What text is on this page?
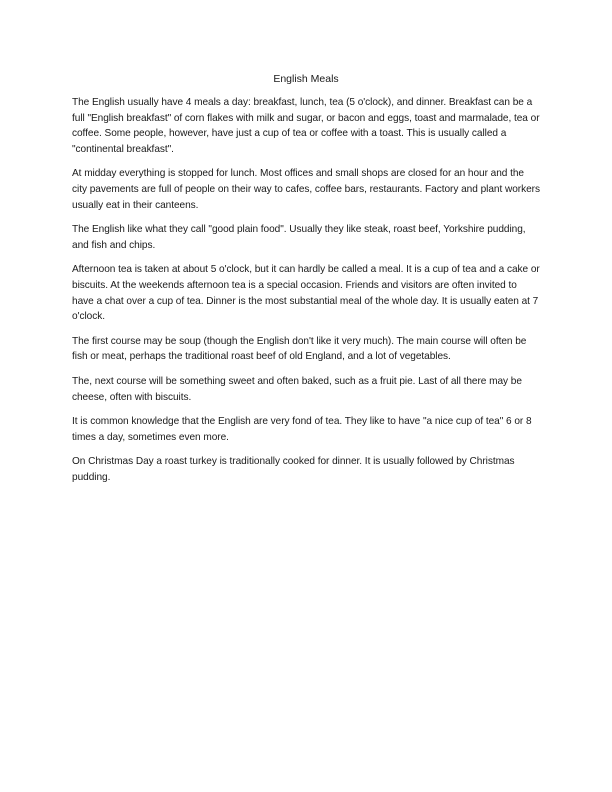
English Meals

The English usually have 4 meals a day: breakfast, lunch, tea (5 o'clock), and dinner. Breakfast can be a full "English breakfast" of corn flakes with milk and sugar, or bacon and eggs, toast and marmalade, tea or coffee. Some people, however, have just a cup of tea or coffee with a toast. This is usually called a "continental breakfast".

At midday everything is stopped for lunch. Most offices and small shops are closed for an hour and the city pavements are full of people on their way to cafes, coffee bars, restaurants. Factory and plant workers usually eat in their canteens.

The English like what they call "good plain food". Usually they like steak, roast beef, Yorkshire pudding, and fish and chips.

Afternoon tea is taken at about 5 o'clock, but it can hardly be called a meal. It is a cup of tea and a cake or biscuits. At the weekends afternoon tea is a special occasion. Friends and visitors are often invited to have a chat over a cup of tea. Dinner is the most substantial meal of the whole day. It is usually eaten at 7 o'clock.

The first course may be soup (though the English don't like it very much). The main course will often be fish or meat, perhaps the traditional roast beef of old England, and a lot of vegetables.

The, next course will be something sweet and often baked, such as a fruit pie. Last of all there may be cheese, often with biscuits.

It is common knowledge that the English are very fond of tea. They like to have "a nice cup of tea" 6 or 8 times a day, sometimes even more.

On Christmas Day a roast turkey is traditionally cooked for dinner. It is usually followed by Christmas pudding.
